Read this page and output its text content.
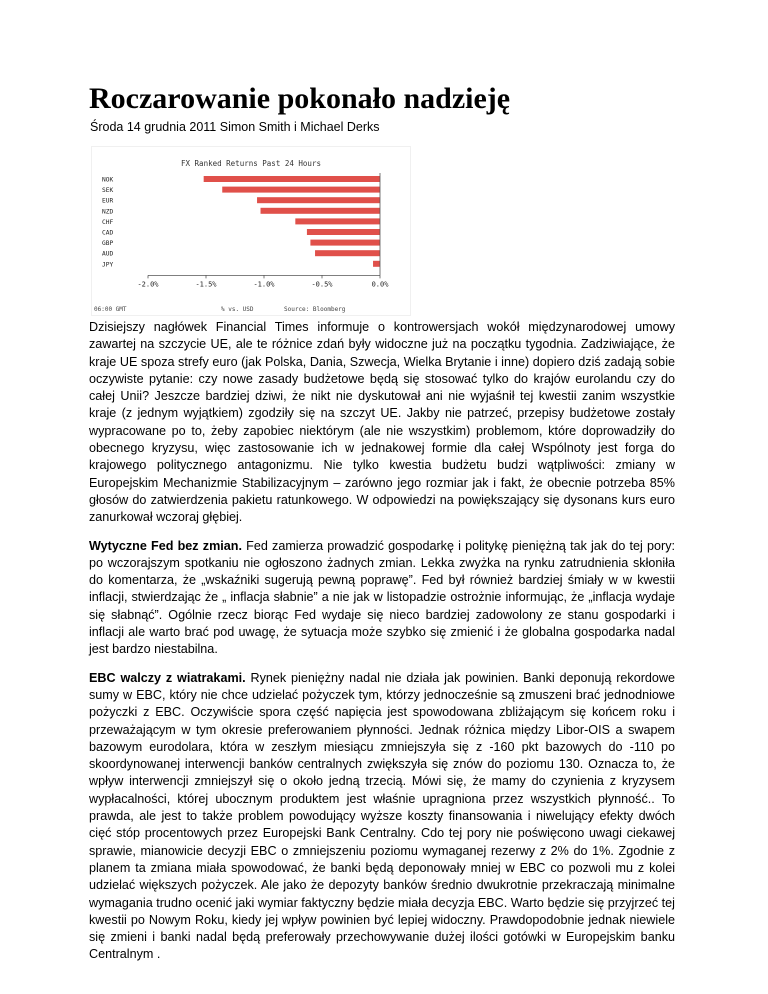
Roczarowanie pokonało nadzieję

Środa 14 grudnia 2011 Simon Smith i Michael Derks

FX Ranked Returns Past 24 Hours
NOK
SEK
EUR
NZD
CHF
CAD
GBP
AUD
JPY
-2.0%	-1.5%	-1.0%	-0.5%	0.0%
06:00 GMT	% vs. USD	Source: Bloomberg

Dzisiejszy nagłówek Financial Times informuje o kontrowersjach wokół międzynarodowej umowy zawartej na szczycie UE, ale te różnice zdań były widoczne już na początku tygodnia. Zadziwiające, że kraje UE spoza strefy euro (jak Polska, Dania, Szwecja, Wielka Brytanie i inne) dopiero dziś zadają sobie oczywiste pytanie: czy nowe zasady budżetowe będą się stosować tylko do krajów eurolandu czy do całej Unii? Jeszcze bardziej dziwi, że nikt nie dyskutował ani nie wyjaśnił tej kwestii zanim wszystkie kraje (z jednym wyjątkiem) zgodziły się na szczyt UE. Jakby nie patrzeć, przepisy budżetowe zostały wypracowane po to, żeby zapobiec niektórym (ale nie wszystkim) problemom, które doprowadziły do obecnego kryzysu, więc zastosowanie ich w jednakowej formie dla całej Wspólnoty jest forga do krajowego politycznego antagonizmu. Nie tylko kwestia budżetu budzi wątpliwości: zmiany w Europejskim Mechanizmie Stabilizacyjnym – zarówno jego rozmiar jak i fakt, że obecnie potrzeba 85% głosów do zatwierdzenia pakietu ratunkowego. W odpowiedzi na powiększający się dysonans kurs euro zanurkował wczoraj głębiej.

Wytyczne Fed bez zmian. Fed zamierza prowadzić gospodarkę i politykę pieniężną tak jak do tej pory: po wczorajszym spotkaniu nie ogłoszono żadnych zmian. Lekka zwyżka na rynku zatrudnienia skłoniła do komentarza, że „wskaźniki sugerują pewną poprawę”. Fed był również bardziej śmiały w w kwestii inflacji, stwierdzając że „ inflacja słabnie” a nie jak w listopadzie ostrożnie informując, że „inflacja wydaje się słabnąć”. Ogólnie rzecz biorąc Fed wydaje się nieco bardziej zadowolony ze stanu gospodarki i inflacji ale warto brać pod uwagę, że sytuacja może szybko się zmienić i że globalna gospodarka nadal jest bardzo niestabilna.

EBC walczy z wiatrakami. Rynek pieniężny nadal nie działa jak powinien. Banki deponują rekordowe sumy w EBC, który nie chce udzielać pożyczek tym, którzy jednocześnie są zmuszeni brać jednodniowe pożyczki z EBC. Oczywiście spora część napięcia jest spowodowana zbliżającym się końcem roku i przeważającym w tym okresie preferowaniem płynności. Jednak różnica między Libor-OIS a swapem bazowym eurodolara, która w zeszłym miesiącu zmniejszyła się z -160 pkt bazowych do -110 po skoordynowanej interwencji banków centralnych zwiększyła się znów do poziomu 130. Oznacza to, że wpływ interwencji zmniejszył się o około jedną trzecią. Mówi się, że mamy do czynienia z kryzysem wypłacalności, której ubocznym produktem jest właśnie upragniona przez wszystkich płynność.. To prawda, ale jest to także problem powodujący wyższe koszty finansowania i niwelujący efekty dwóch cięć stóp procentowych przez Europejski Bank Centralny. Cdo tej pory nie poświęcono uwagi ciekawej sprawie, mianowicie decyzji EBC o zmniejszeniu poziomu wymaganej rezerwy z 2% do 1%. Zgodnie z planem ta zmiana miała spowodować, że banki będą deponowały mniej w EBC co pozwoli mu z kolei udzielać większych pożyczek. Ale jako że depozyty banków średnio dwukrotnie przekraczają minimalne wymagania trudno ocenić jaki wymiar faktyczny będzie miała decyzja EBC. Warto będzie się przyjrzeć tej kwestii po Nowym Roku, kiedy jej wpływ powinien być lepiej widoczny. Prawdopodobnie jednak niewiele się zmieni i banki nadal będą preferowały przechowywanie dużej ilości gotówki w Europejskim banku Centralnym .
